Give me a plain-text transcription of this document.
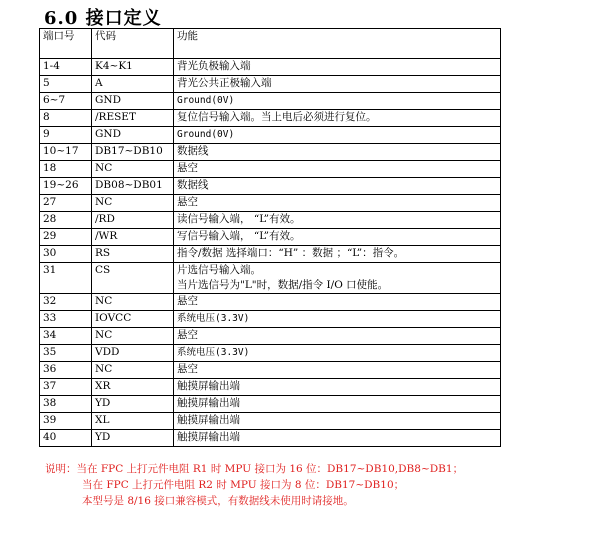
6.0 接口定义
端口号	代码	功能
1-4	K4~K1	背光负极输入端

5	A	背光公共正极输入端

6~7	GND	Ground(0V)

8	/RESET	复位信号输入端。当上电后必须进行复位。

9	GND	Ground(0V)

10~17	DB17~DB10	数据线

18	NC	悬空

19~26	DB08~DB01	数据线

27	NC	悬空

28	/RD	读信号输入端， “L”有效。

29	/WR	写信号输入端， “L”有效。

30	RS	指令/数据 选择端口：“H” ：数据 ；“L”：指令。

31	CS	片选信号输入端。
当片选信号为"L"时，数据/指令 I/O 口使能。

32	NC	悬空

33	IOVCC	系统电压(3.3V)

34	NC	悬空

35	VDD	系统电压(3.3V)

36	NC	悬空

37	XR	触摸屏输出端

38	YD	触摸屏输出端

39	XL	触摸屏输出端

40	YD	触摸屏输出端
说明：当在 FPC 上打元件电阻 R1 时 MPU 接口为 16 位：DB17~DB10,DB8~DB1；
当在 FPC 上打元件电阻 R2 时 MPU 接口为 8 位：DB17~DB10；
本型号是 8/16 接口兼容模式，有数据线未使用时请接地。
